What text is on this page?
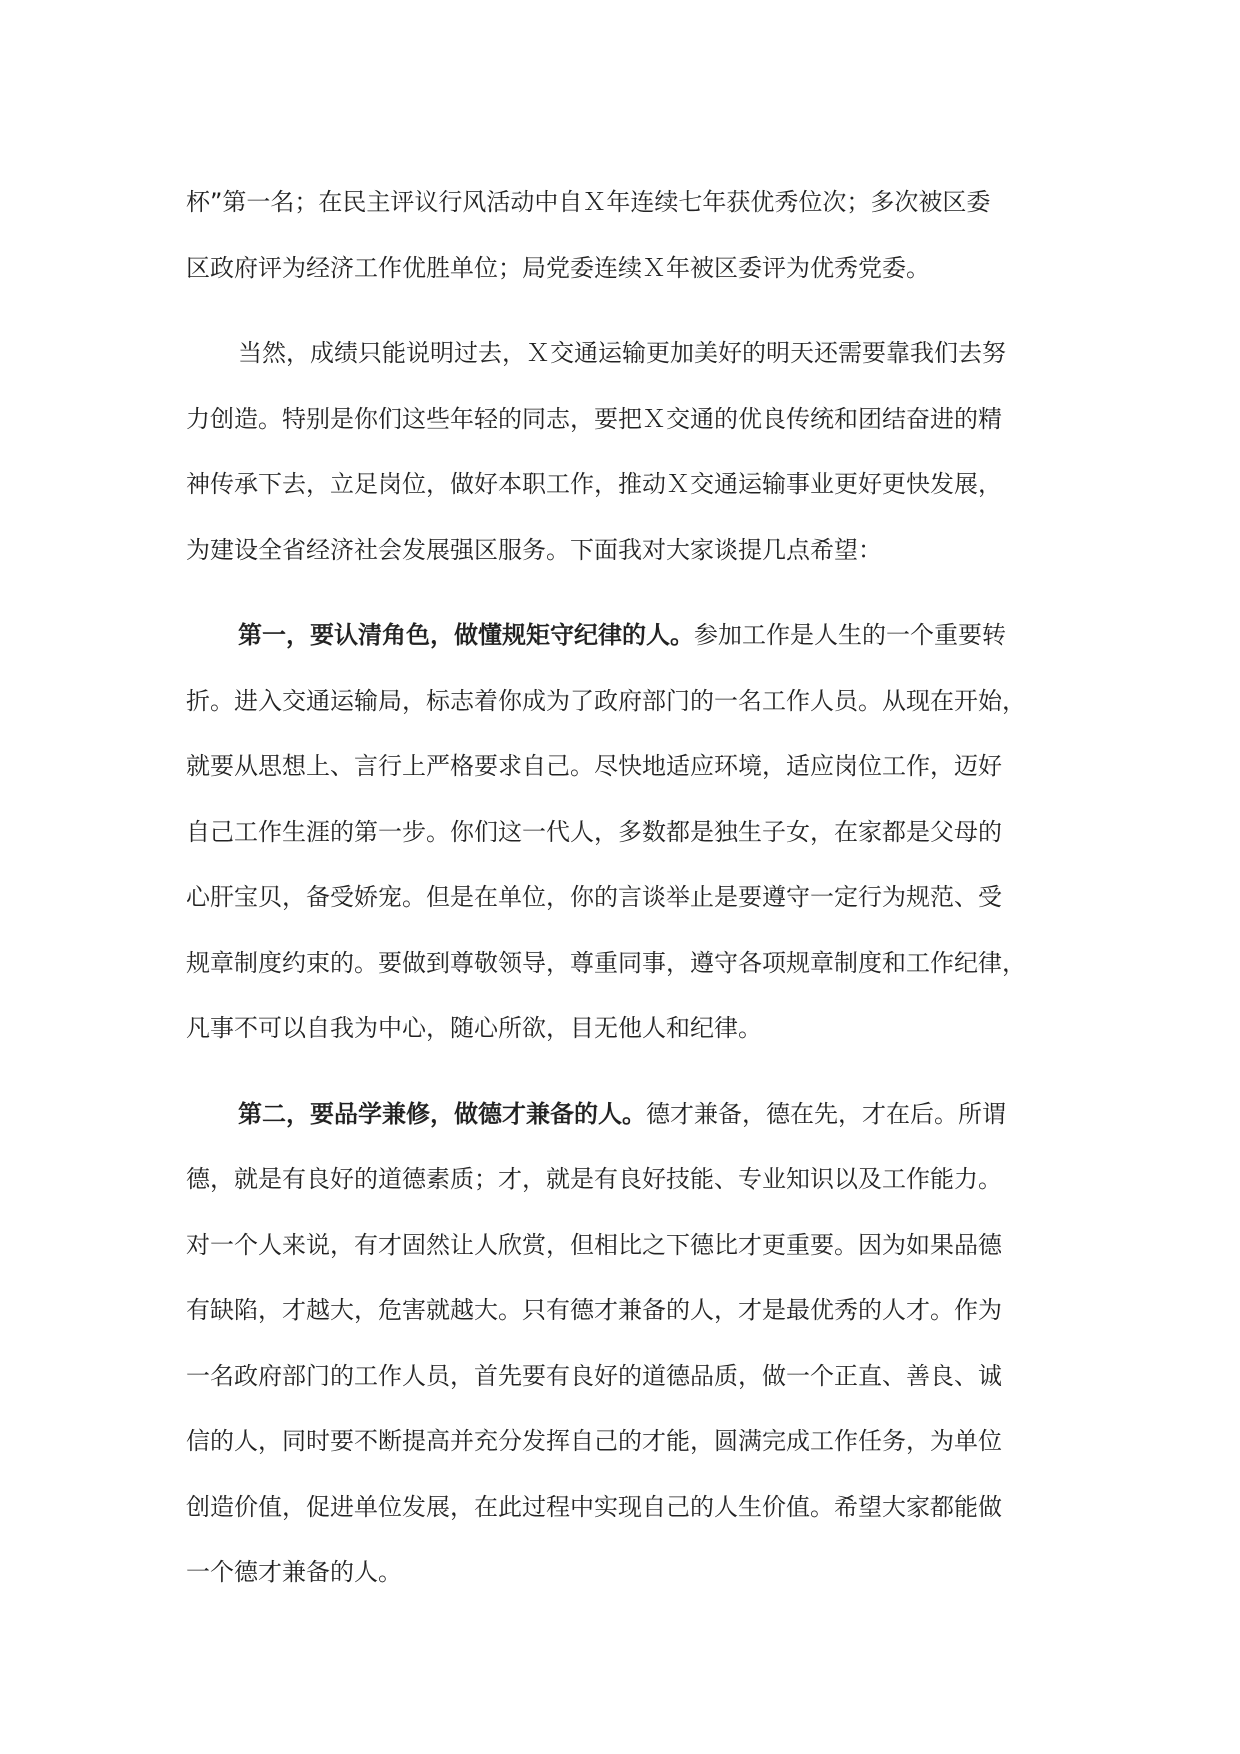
杯”第一名；在民主评议行风活动中自Ｘ年连续七年获优秀位次；多次被区委
区政府评为经济工作优胜单位；局党委连续Ｘ年被区委评为优秀党委。
当然，成绩只能说明过去，Ｘ交通运输更加美好的明天还需要靠我们去努
力创造。特别是你们这些年轻的同志，要把Ｘ交通的优良传统和团结奋进的精
神传承下去，立足岗位，做好本职工作，推动Ｘ交通运输事业更好更快发展，
为建设全省经济社会发展强区服务。下面我对大家谈提几点希望：
第一，要认清角色，做懂规矩守纪律的人。参加工作是人生的一个重要转
折。进入交通运输局，标志着你成为了政府部门的一名工作人员。从现在开始，
就要从思想上、言行上严格要求自己。尽快地适应环境，适应岗位工作，迈好
自己工作生涯的第一步。你们这一代人，多数都是独生子女，在家都是父母的
心肝宝贝，备受娇宠。但是在单位，你的言谈举止是要遵守一定行为规范、受
规章制度约束的。要做到尊敬领导，尊重同事，遵守各项规章制度和工作纪律，
凡事不可以自我为中心，随心所欲，目无他人和纪律。
第二，要品学兼修，做德才兼备的人。德才兼备，德在先，才在后。所谓
德，就是有良好的道德素质；才，就是有良好技能、专业知识以及工作能力。
对一个人来说，有才固然让人欣赏，但相比之下德比才更重要。因为如果品德
有缺陷，才越大，危害就越大。只有德才兼备的人，才是最优秀的人才。作为
一名政府部门的工作人员，首先要有良好的道德品质，做一个正直、善良、诚
信的人，同时要不断提高并充分发挥自己的才能，圆满完成工作任务，为单位
创造价值，促进单位发展，在此过程中实现自己的人生价值。希望大家都能做
一个德才兼备的人。
